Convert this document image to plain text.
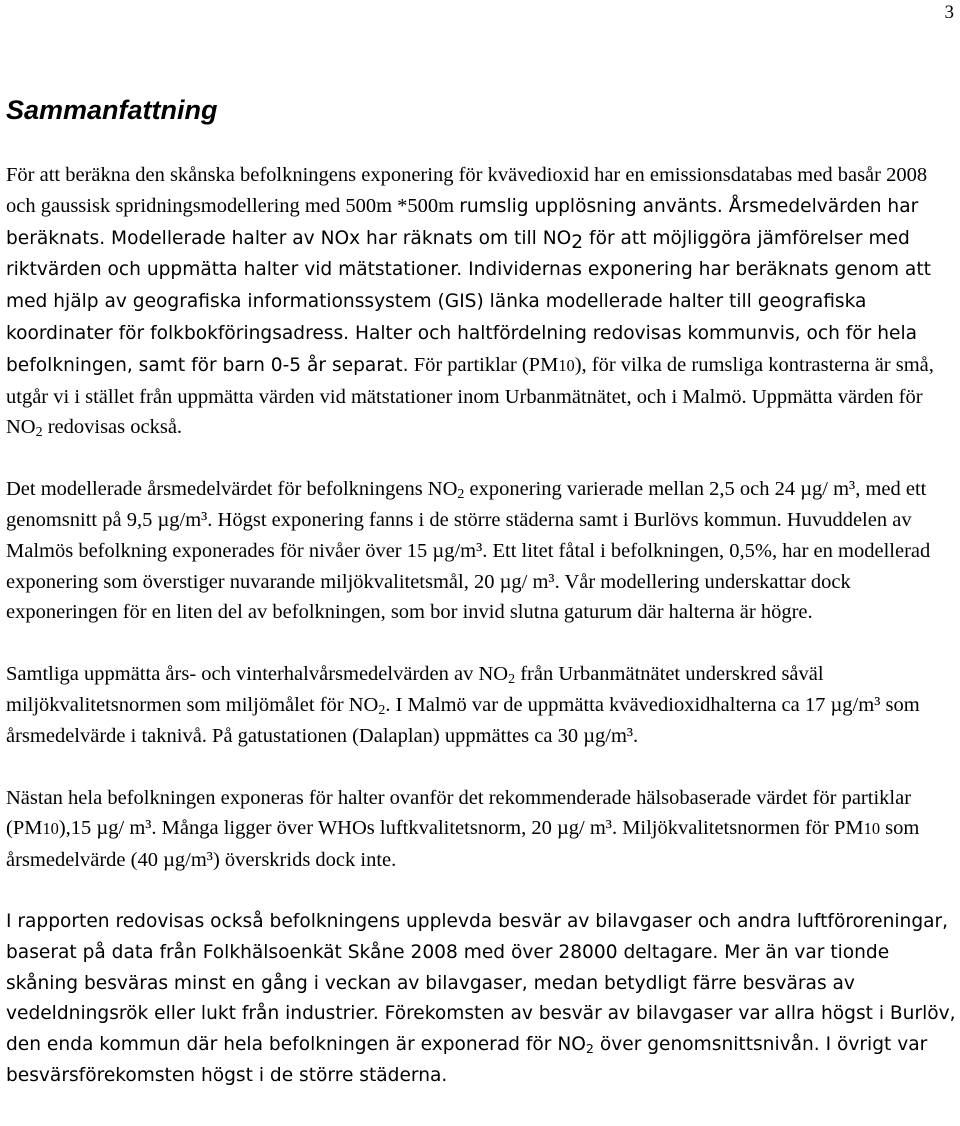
3
Sammanfattning

För att beräkna den skånska befolkningens exponering för kvävedioxid har en emissionsdatabas med basår 2008 och gaussisk spridningsmodellering med 500m *500m rumslig upplösning använts. Årsmedelvärden har beräknats. Modellerade halter av NOx har räknats om till $NO_2$ för att möjliggöra jämförelser med riktvärden och uppmätta halter vid mätstationer. Individernas exponering har beräknats genom att med hjälp av geografiska informationssystem (GIS) länka modellerade halter till geografiska koordinater för folkbokföringsadress. Halter och haltfördelning redovisas kommunvis, och för hela befolkningen, samt för barn 0-5 år separat. För partiklar (PM10), för vilka de rumsliga kontrasterna är små, utgår vi i stället från uppmätta värden vid mätstationer inom Urbanmätnätet, och i Malmö. Uppmätta värden för $NO_2$ redovisas också.

Det modellerade årsmedelvärdet för befolkningens $NO_2$ exponering varierade mellan 2,5 och 24 µg/ m³, med ett genomsnitt på 9,5 µg/m³. Högst exponering fanns i de större städerna samt i Burlövs kommun. Huvuddelen av Malmös befolkning exponerades för nivåer över 15 µg/m³. Ett litet fåtal i befolkningen, 0,5%, har en modellerad exponering som överstiger nuvarande miljökvalitetsmål, 20 µg/ m³. Vår modellering underskattar dock exponeringen för en liten del av befolkningen, som bor invid slutna gaturum där halterna är högre.

Samtliga uppmätta års- och vinterhalvårsmedelvärden av $NO_2$ från Urbanmätnätet underskred såväl miljökvalitetsnormen som miljömålet för $NO_2$. I Malmö var de uppmätta kvävedioxidhalterna ca 17 µg/m³ som årsmedelvärde i taknivå. På gatustationen (Dalaplan) uppmättes ca 30 µg/m³.

Nästan hela befolkningen exponeras för halter ovanför det rekommenderade hälsobaserade värdet för partiklar (PM10),15 µg/ m³. Många ligger över WHOs luftkvalitetsnorm, 20 µg/ m³. Miljökvalitetsnormen för PM10 som årsmedelvärde (40 µg/m³) överskrids dock inte.

I rapporten redovisas också befolkningens upplevda besvär av bilavgaser och andra luftföroreningar, baserat på data från Folkhälsoenkät Skåne 2008 med över 28000 deltagare. Mer än var tionde skåning besväras minst en gång i veckan av bilavgaser, medan betydligt färre besväras av vedeldningsrök eller lukt från industrier. Förekomsten av besvär av bilavgaser var allra högst i Burlöv, den enda kommun där hela befolkningen är exponerad för $NO_2$ över genomsnittsnivån. I övrigt var besvärsförekomsten högst i de större städerna.
